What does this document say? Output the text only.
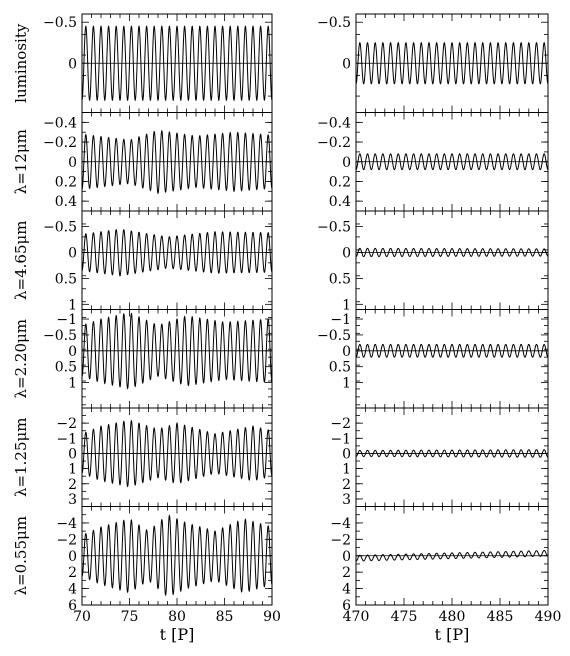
luminosity
−0.5
0
−0.5
0
λ=12μm
−0.4
−0.2
0
0.2
0.4
−0.4
−0.2
0
0.2
0.4
λ=4.65μm −0.5
0
0.5
1
−0.5
0
0.5
1
λ=2.20μm −1
−0.5
0
0.5
1
−1
−0.5
0
0.5
1
λ=1.25μm −2
−1
0
1
2
3
−2
−1
0
1
2
3
λ=0.55μm −4
−2
0
2
4
6
70 75 80 85 90
t [P]
−4
−2
0
2
4
6
470 475 480 485 490
t [P]
